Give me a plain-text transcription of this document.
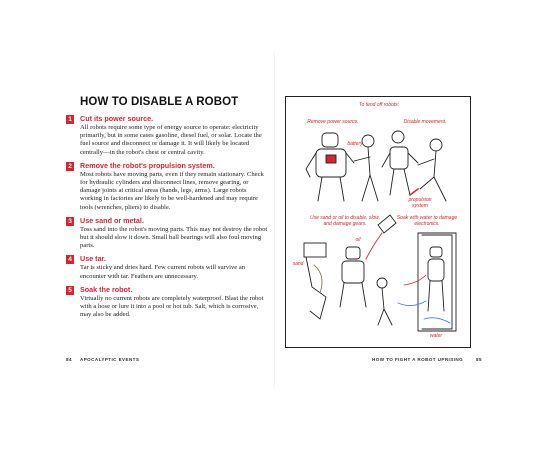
HOW TO DISABLE A ROBOT
1	Cut its power source.
All robots require some type of energy source to operate: electricity primarily, but in some cases gasoline, diesel fuel, or solar. Locate the fuel source and disconnect or damage it. It will likely be located centrally—in the robot's chest or central cavity.
2	Remove the robot's propulsion system.
Most robots have moving parts, even if they remain stationary. Check for hydraulic cylinders and disconnect lines, remove gearing, or damage joints at critical areas (hands, legs, arms). Large robots working in factories are likely to be well-hardened and may require tools (wrenches, pliers) to disable.
3	Use sand or metal.
Toss sand into the robot's moving parts. This may not destroy the robot but it should slow it down. Small ball bearings will also foul moving parts.
4	Use tar.
Tar is sticky and dries hard. Few current robots will survive an encounter with tar. Feathers are unnecessary.
5	Soak the robot.
Virtually no current robots are completely waterproof. Blast the robot with a hose or lure it into a pool or hot tub. Salt, which is corrosive, may also be added.
84 APOCALYPTIC EVENTS	HOW TO FIGHT A ROBOT UPRISING	85
To fend off robots:
Remove power source.	Disable movement.
battery
propulsion system
Use sand or oil to disable, slow, and damage gears.
Soak with water to damage electronics.
oil
sand
water
